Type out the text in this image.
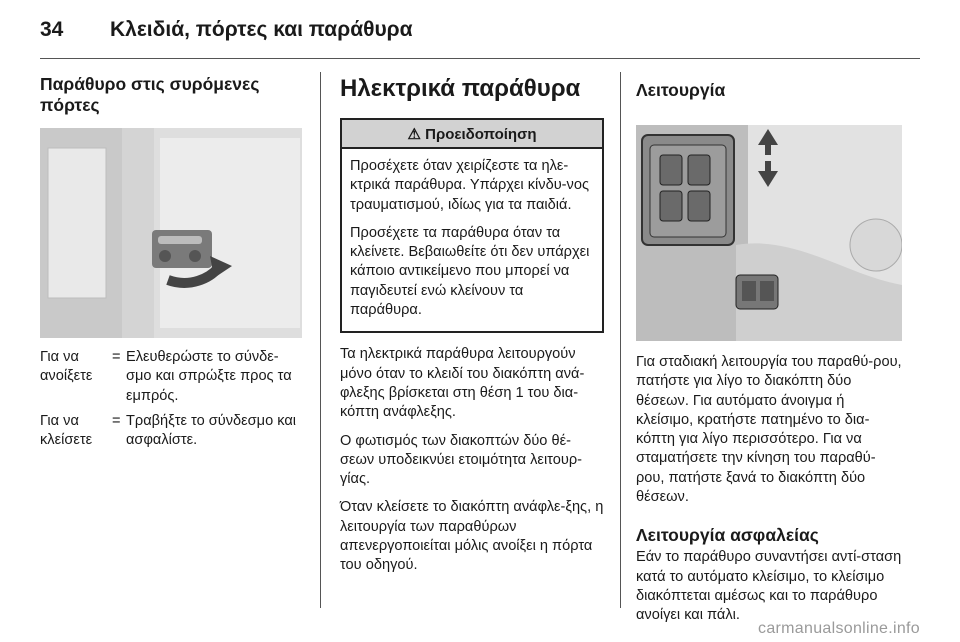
34 Κλειδιά, πόρτες και παράθυρα
Παράθυρο στις συρόμενες πόρτες
Για να ανοίξετε
= Ελευθερώστε το σύνδε-σμο και σπρώξτε προς τα εμπρός.
Για να κλείσετε
= Τραβήξτε το σύνδεσμο και ασφαλίστε.
Ηλεκτρικά παράθυρα
⚠ Προειδοποίηση

Προσέχετε όταν χειρίζεστε τα ηλε-κτρικά παράθυρα. Υπάρχει κίνδυ-νος τραυματισμού, ιδίως για τα παιδιά.

Προσέχετε τα παράθυρα όταν τα κλείνετε. Βεβαιωθείτε ότι δεν υπάρχει κάποιο αντικείμενο που μπορεί να παγιδευτεί ενώ κλείνουν τα παράθυρα.

Τα ηλεκτρικά παράθυρα λειτουργούν μόνο όταν το κλειδί του διακόπτη ανά-φλεξης βρίσκεται στη θέση 1 του δια-κόπτη ανάφλεξης.

Ο φωτισμός των διακοπτών δύο θέ-σεων υποδεικνύει ετοιμότητα λειτουρ-γίας.

Όταν κλείσετε το διακόπτη ανάφλε-ξης, η λειτουργία των παραθύρων απενεργοποιείται μόλις ανοίξει η πόρτα του οδηγού.

Λειτουργία

Για σταδιακή λειτουργία του παραθύ-ρου, πατήστε για λίγο το διακόπτη δύο θέσεων. Για αυτόματο άνοιγμα ή κλείσιμο, κρατήστε πατημένο το δια-κόπτη για λίγο περισσότερο. Για να σταματήσετε την κίνηση του παραθύ-ρου, πατήστε ξανά το διακόπτη δύο θέσεων.

Λειτουργία ασφαλείας

Εάν το παράθυρο συναντήσει αντί-σταση κατά το αυτόματο κλείσιμο, το κλείσιμο διακόπτεται αμέσως και το παράθυρο ανοίγει και πάλι.

carmanualsonline.info
